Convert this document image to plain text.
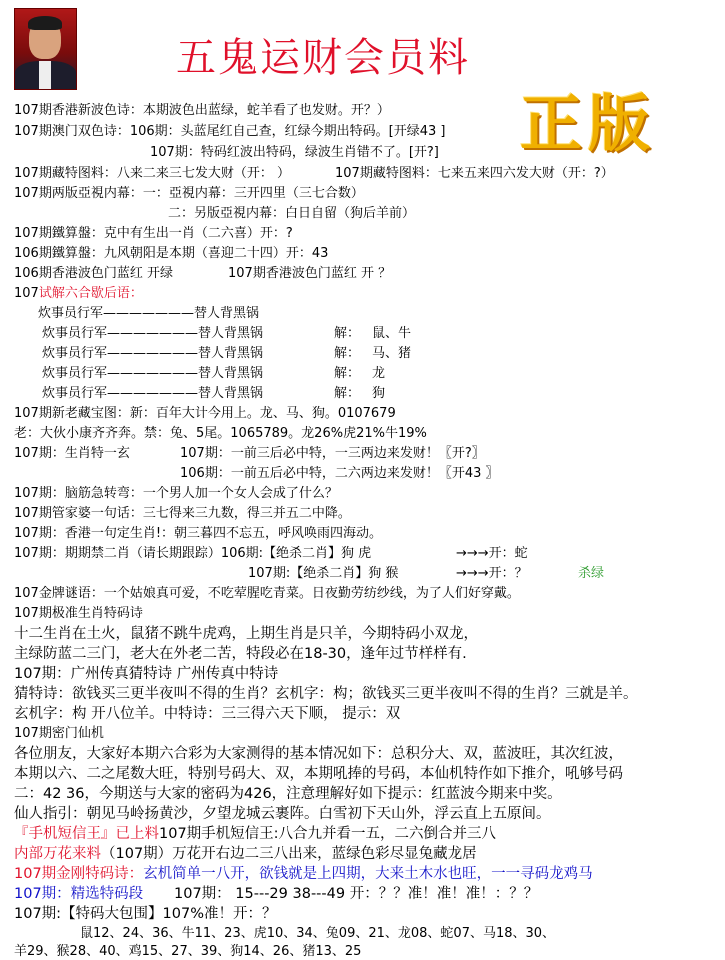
五鬼运财会员料
正版
107期香港新波色诗：本期波色出蓝绿，蛇羊看了也发财。开？）
107期澳门双色诗：106期：头蓝尾红自己查，红绿今期出特码。[开绿43 ]
107期：特码红波出特码，绿波生肖错不了。[开?]
107期藏特图料：八来二来三七发大财（开： ）	107期藏特图料：七来五来四六发大财（开：?）
107期两版亞視内幕：一：亞視内幕：三开四里（三七合数）
二：另版亞視内幕：白日自留（狗后羊前）
107期鐵算盤：克中有生出一肖（二六喜）开：?
106期鐵算盤：九风朝阳是本期（喜迎二十四）开：43
106期香港波色门蓝红 开绿	107期香港波色门蓝红 开 ？
107试解六合歇后语：
炊事员行军———————替人背黑锅
炊事员行军———————替人背黑锅	解： 鼠、牛
炊事员行军———————替人背黑锅	解： 马、猪
炊事员行军———————替人背黑锅	解： 龙
炊事员行军———————替人背黑锅	解： 狗
107期新老藏宝图：新：百年大计今用上。龙、马、狗。0107679
老：大伙小康齐齐奔。禁：兔、5尾。1065789。龙26%虎21%牛19%
107期：生肖特一玄	107期：一前三后必中特，一三两边来发财！〖开?〗
106期：一前五后必中特，二六两边来发财！〖开43 〗
107期：脑筋急转弯：一个男人加一个女人会成了什么？
107期管家婆一句话：三七得来三九数，得三并五二中降。
107期：香港一句定生肖!：朝三暮四不忘五，呼风唤雨四海动。
107期：期期禁二肖（请长期跟踪）106期:【绝杀二肖】狗 虎	→→→开：蛇
107期:【绝杀二肖】狗 猴	→→→开：？	杀绿
107金牌谜语：一个姑娘真可爱，不吃荤腥吃青菜。日夜勤劳纺纱线，为了人们好穿戴。
107期极准生肖特码诗
十二生肖在土火，鼠猪不跳牛虎鸡，上期生肖是只羊，今期特码小双龙，
主绿防蓝二三门，老大在外老二苦，特段必在18-30，逢年过节样样有.
107期：广州传真猜特诗 广州传真中特诗
猜特诗：欲钱买三更半夜叫不得的生肖？玄机字：构；欲钱买三更半夜叫不得的生肖？三就是羊。
玄机字：构 开八位羊。中特诗：三三得六天下顺， 提示：双
107期密门仙机
各位朋友，大家好本期六合彩为大家测得的基本情况如下：总积分大、双，蓝波旺，其次红波，
本期以六、二之尾数大旺，特别号码大、双，本期吼捧的号码，本仙机特作如下推介，吼够号码
二：42 36，今期送与大家的密码为426，注意理解好如下提示：红蓝波今期来中奖。
仙人指引：朝见马岭扬黄沙，夕望龙城云裹阵。白雪初下天山外，浮云直上五原间。
『手机短信王』已上料107期手机短信王:八合九并看一五，二六倒合并三八
内部万花来料（107期）万花开右边二三八出来，蓝绿色彩尽显兔藏龙居
107期金刚特码诗：玄机简单一八开，欲钱就是上四期，大来土木水也旺，一一寻码龙鸡马
107期：精选特码段 107期： 15---29 38---49 开：？？准！准！准！：？？
107期:【特码大包围】107%准！开：？
鼠12、24、36、牛11、23、虎10、34、兔09、21、龙08、蛇07、马18、30、
羊29、猴28、40、鸡15、27、39、狗14、26、猪13、25
